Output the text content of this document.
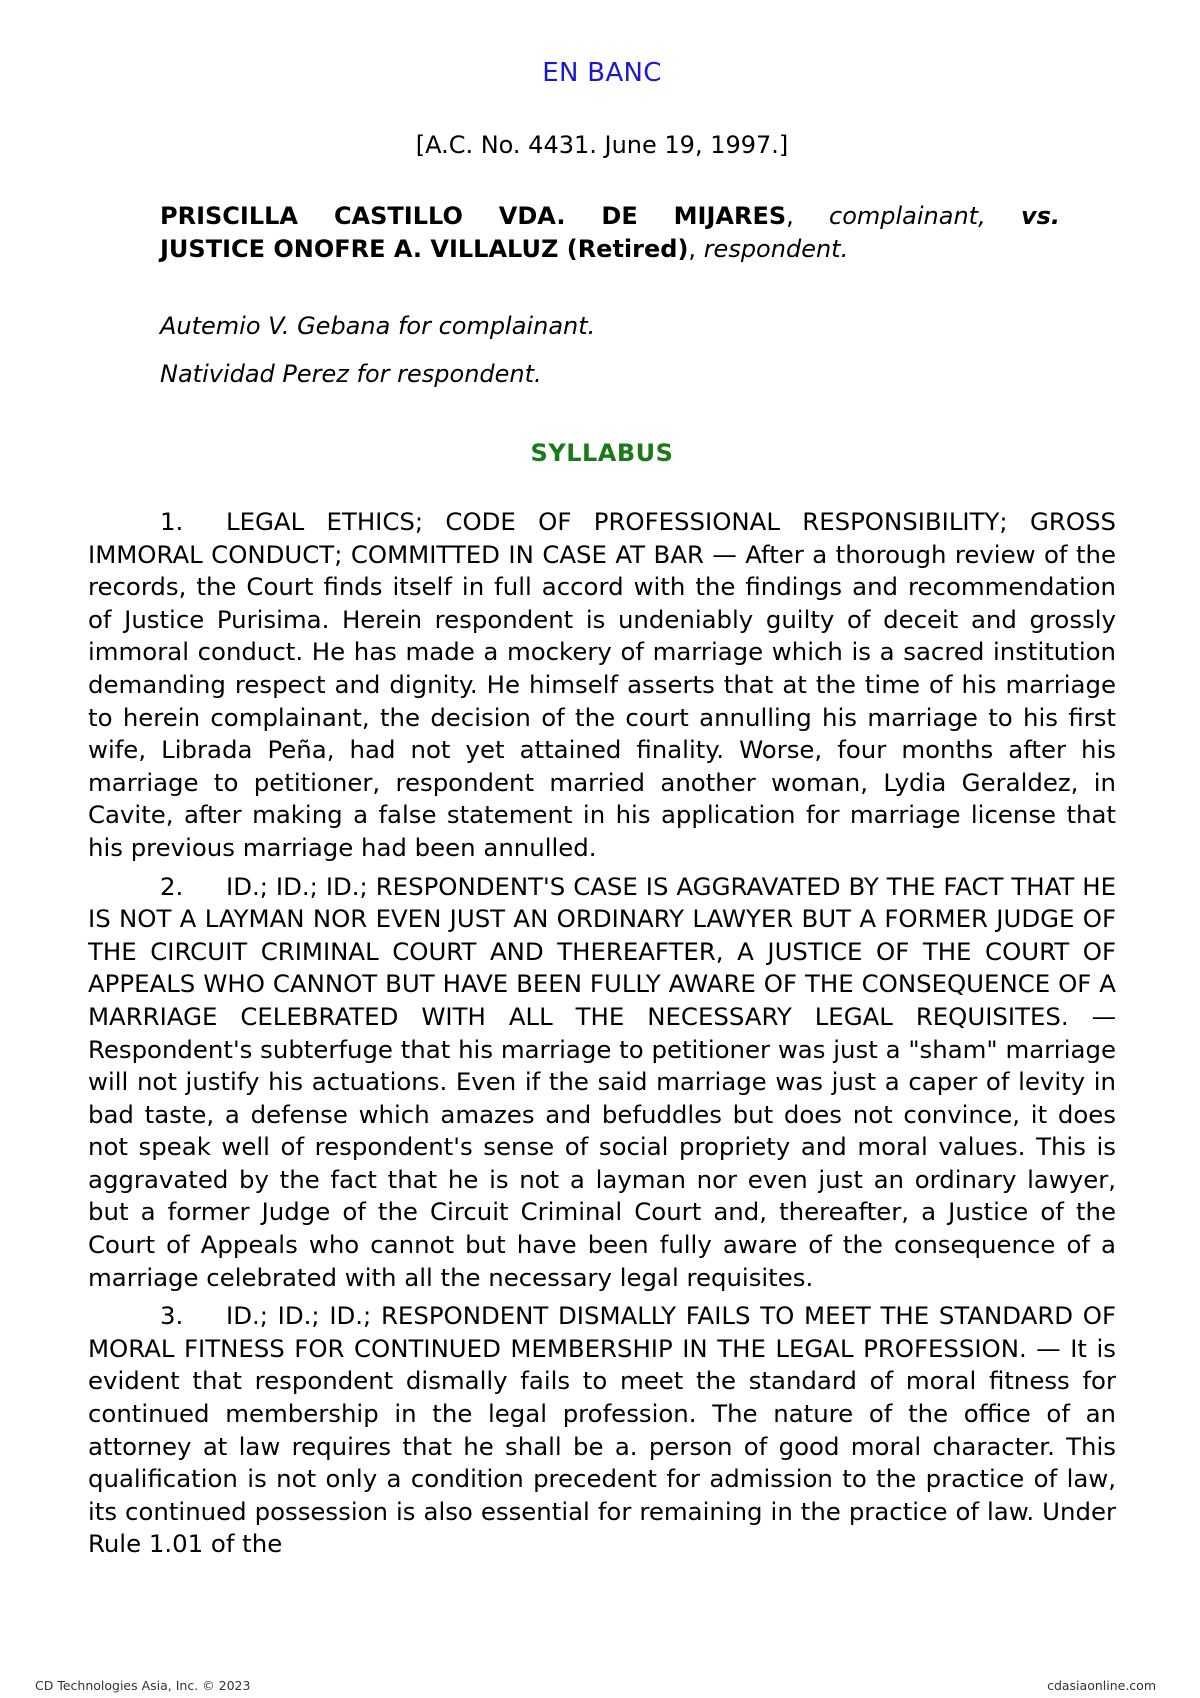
EN BANC
[A.C. No. 4431. June 19, 1997.]
PRISCILLA CASTILLO VDA. DE MIJARES, complainant, vs.
JUSTICE ONOFRE A. VILLALUZ (Retired), respondent.
Autemio V. Gebana for complainant.
Natividad Perez for respondent.
SYLLABUS

1. LEGAL ETHICS; CODE OF PROFESSIONAL RESPONSIBILITY; GROSS IMMORAL CONDUCT; COMMITTED IN CASE AT BAR — After a thorough review of the records, the Court finds itself in full accord with the findings and recommendation of Justice Purisima. Herein respondent is undeniably guilty of deceit and grossly immoral conduct. He has made a mockery of marriage which is a sacred institution demanding respect and dignity. He himself asserts that at the time of his marriage to herein complainant, the decision of the court annulling his marriage to his first wife, Librada Peña, had not yet attained finality. Worse, four months after his marriage to petitioner, respondent married another woman, Lydia Geraldez, in Cavite, after making a false statement in his application for marriage license that his previous marriage had been annulled.

2. ID.; ID.; ID.; RESPONDENT'S CASE IS AGGRAVATED BY THE FACT THAT HE IS NOT A LAYMAN NOR EVEN JUST AN ORDINARY LAWYER BUT A FORMER JUDGE OF THE CIRCUIT CRIMINAL COURT AND THEREAFTER, A JUSTICE OF THE COURT OF APPEALS WHO CANNOT BUT HAVE BEEN FULLY AWARE OF THE CONSEQUENCE OF A MARRIAGE CELEBRATED WITH ALL THE NECESSARY LEGAL REQUISITES. — Respondent's subterfuge that his marriage to petitioner was just a "sham" marriage will not justify his actuations. Even if the said marriage was just a caper of levity in bad taste, a defense which amazes and befuddles but does not convince, it does not speak well of respondent's sense of social propriety and moral values. This is aggravated by the fact that he is not a layman nor even just an ordinary lawyer, but a former Judge of the Circuit Criminal Court and, thereafter, a Justice of the Court of Appeals who cannot but have been fully aware of the consequence of a marriage celebrated with all the necessary legal requisites.

3. ID.; ID.; ID.; RESPONDENT DISMALLY FAILS TO MEET THE STANDARD OF MORAL FITNESS FOR CONTINUED MEMBERSHIP IN THE LEGAL PROFESSION. — It is evident that respondent dismally fails to meet the standard of moral fitness for continued membership in the legal profession. The nature of the office of an attorney at law requires that he shall be a. person of good moral character. This qualification is not only a condition precedent for admission to the practice of law, its continued possession is also essential for remaining in the practice of law. Under Rule 1.01 of the

CD Technologies Asia, Inc. © 2023	cdasiaonline.com
